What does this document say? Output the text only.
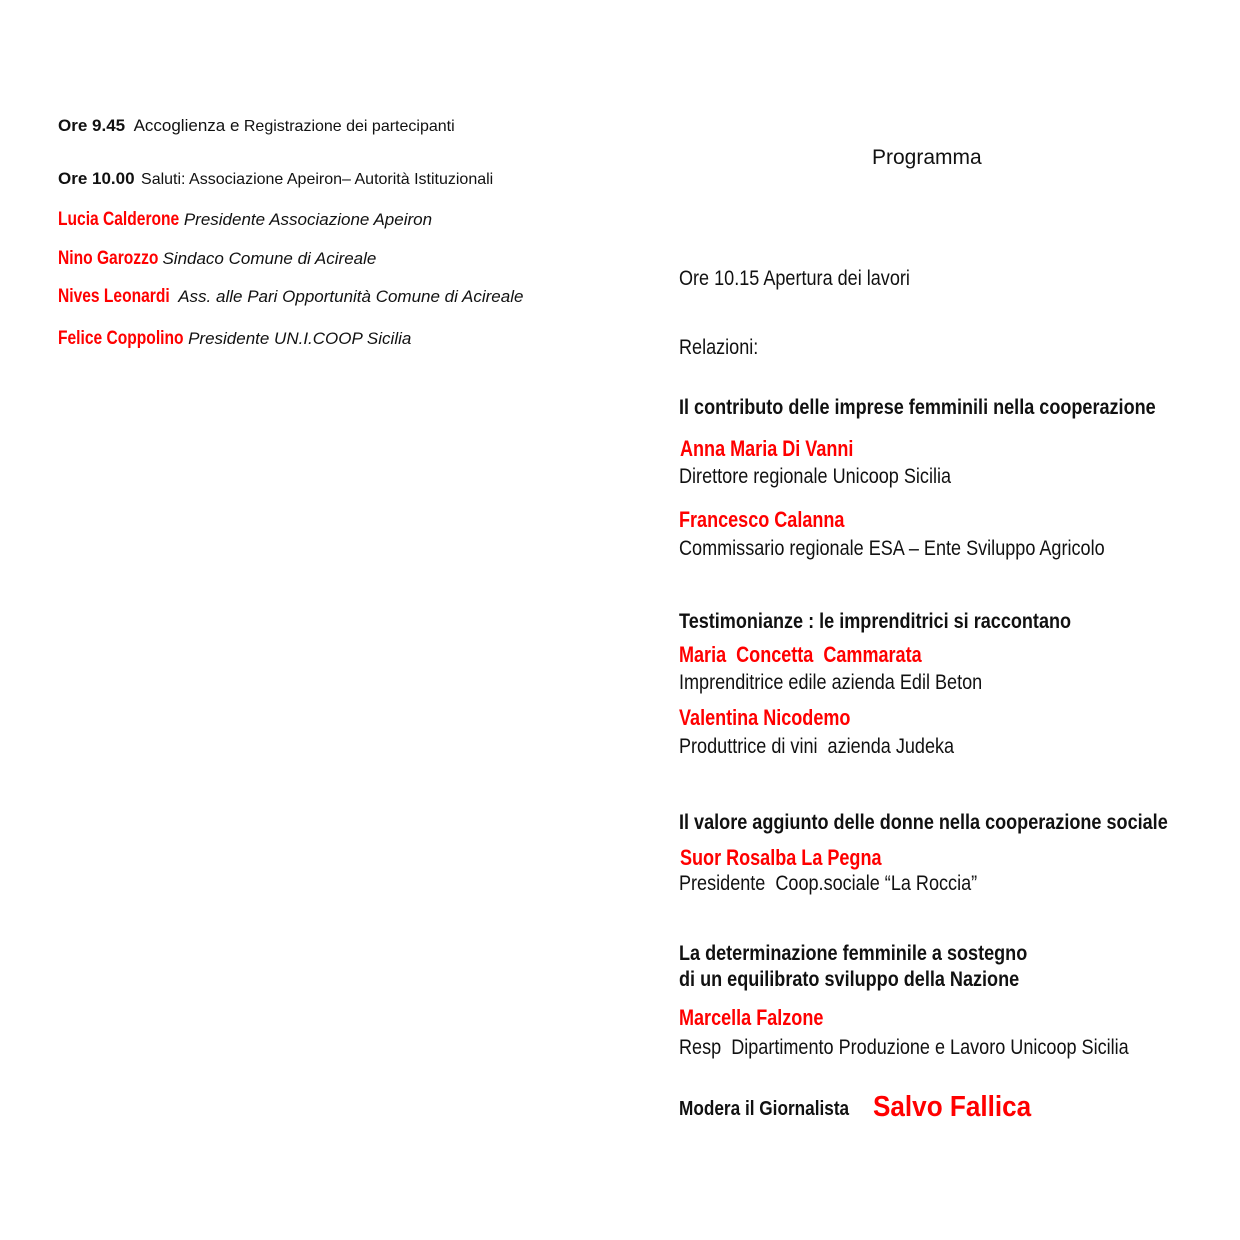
Ore 9.45 Accoglienza e Registrazione dei partecipanti
Ore 10.00 Saluti: Associazione Apeiron– Autorità Istituzionali
Lucia Calderone Presidente Associazione Apeiron
Nino Garozzo Sindaco Comune di Acireale
Nives Leonardi Ass. alle Pari Opportunità Comune di Acireale
Felice Coppolino Presidente UN.I.COOP Sicilia
Programma
Ore 10.15 Apertura dei lavori
Relazioni:
Il contributo delle imprese femminili nella cooperazione
Anna Maria Di Vanni
Direttore regionale Unicoop Sicilia
Francesco Calanna
Commissario regionale ESA – Ente Sviluppo Agricolo
Testimonianze : le imprenditrici si raccontano
Maria  Concetta  Cammarata
Imprenditrice edile azienda Edil Beton
Valentina Nicodemo
Produttrice di vini  azienda Judeka
Il valore aggiunto delle donne nella cooperazione sociale
Suor Rosalba La Pegna
Presidente  Coop.sociale “La Roccia”
La determinazione femminile a sostegno
di un equilibrato sviluppo della Nazione
Marcella Falzone
Resp  Dipartimento Produzione e Lavoro Unicoop Sicilia
Modera il Giornalista Salvo Fallica
